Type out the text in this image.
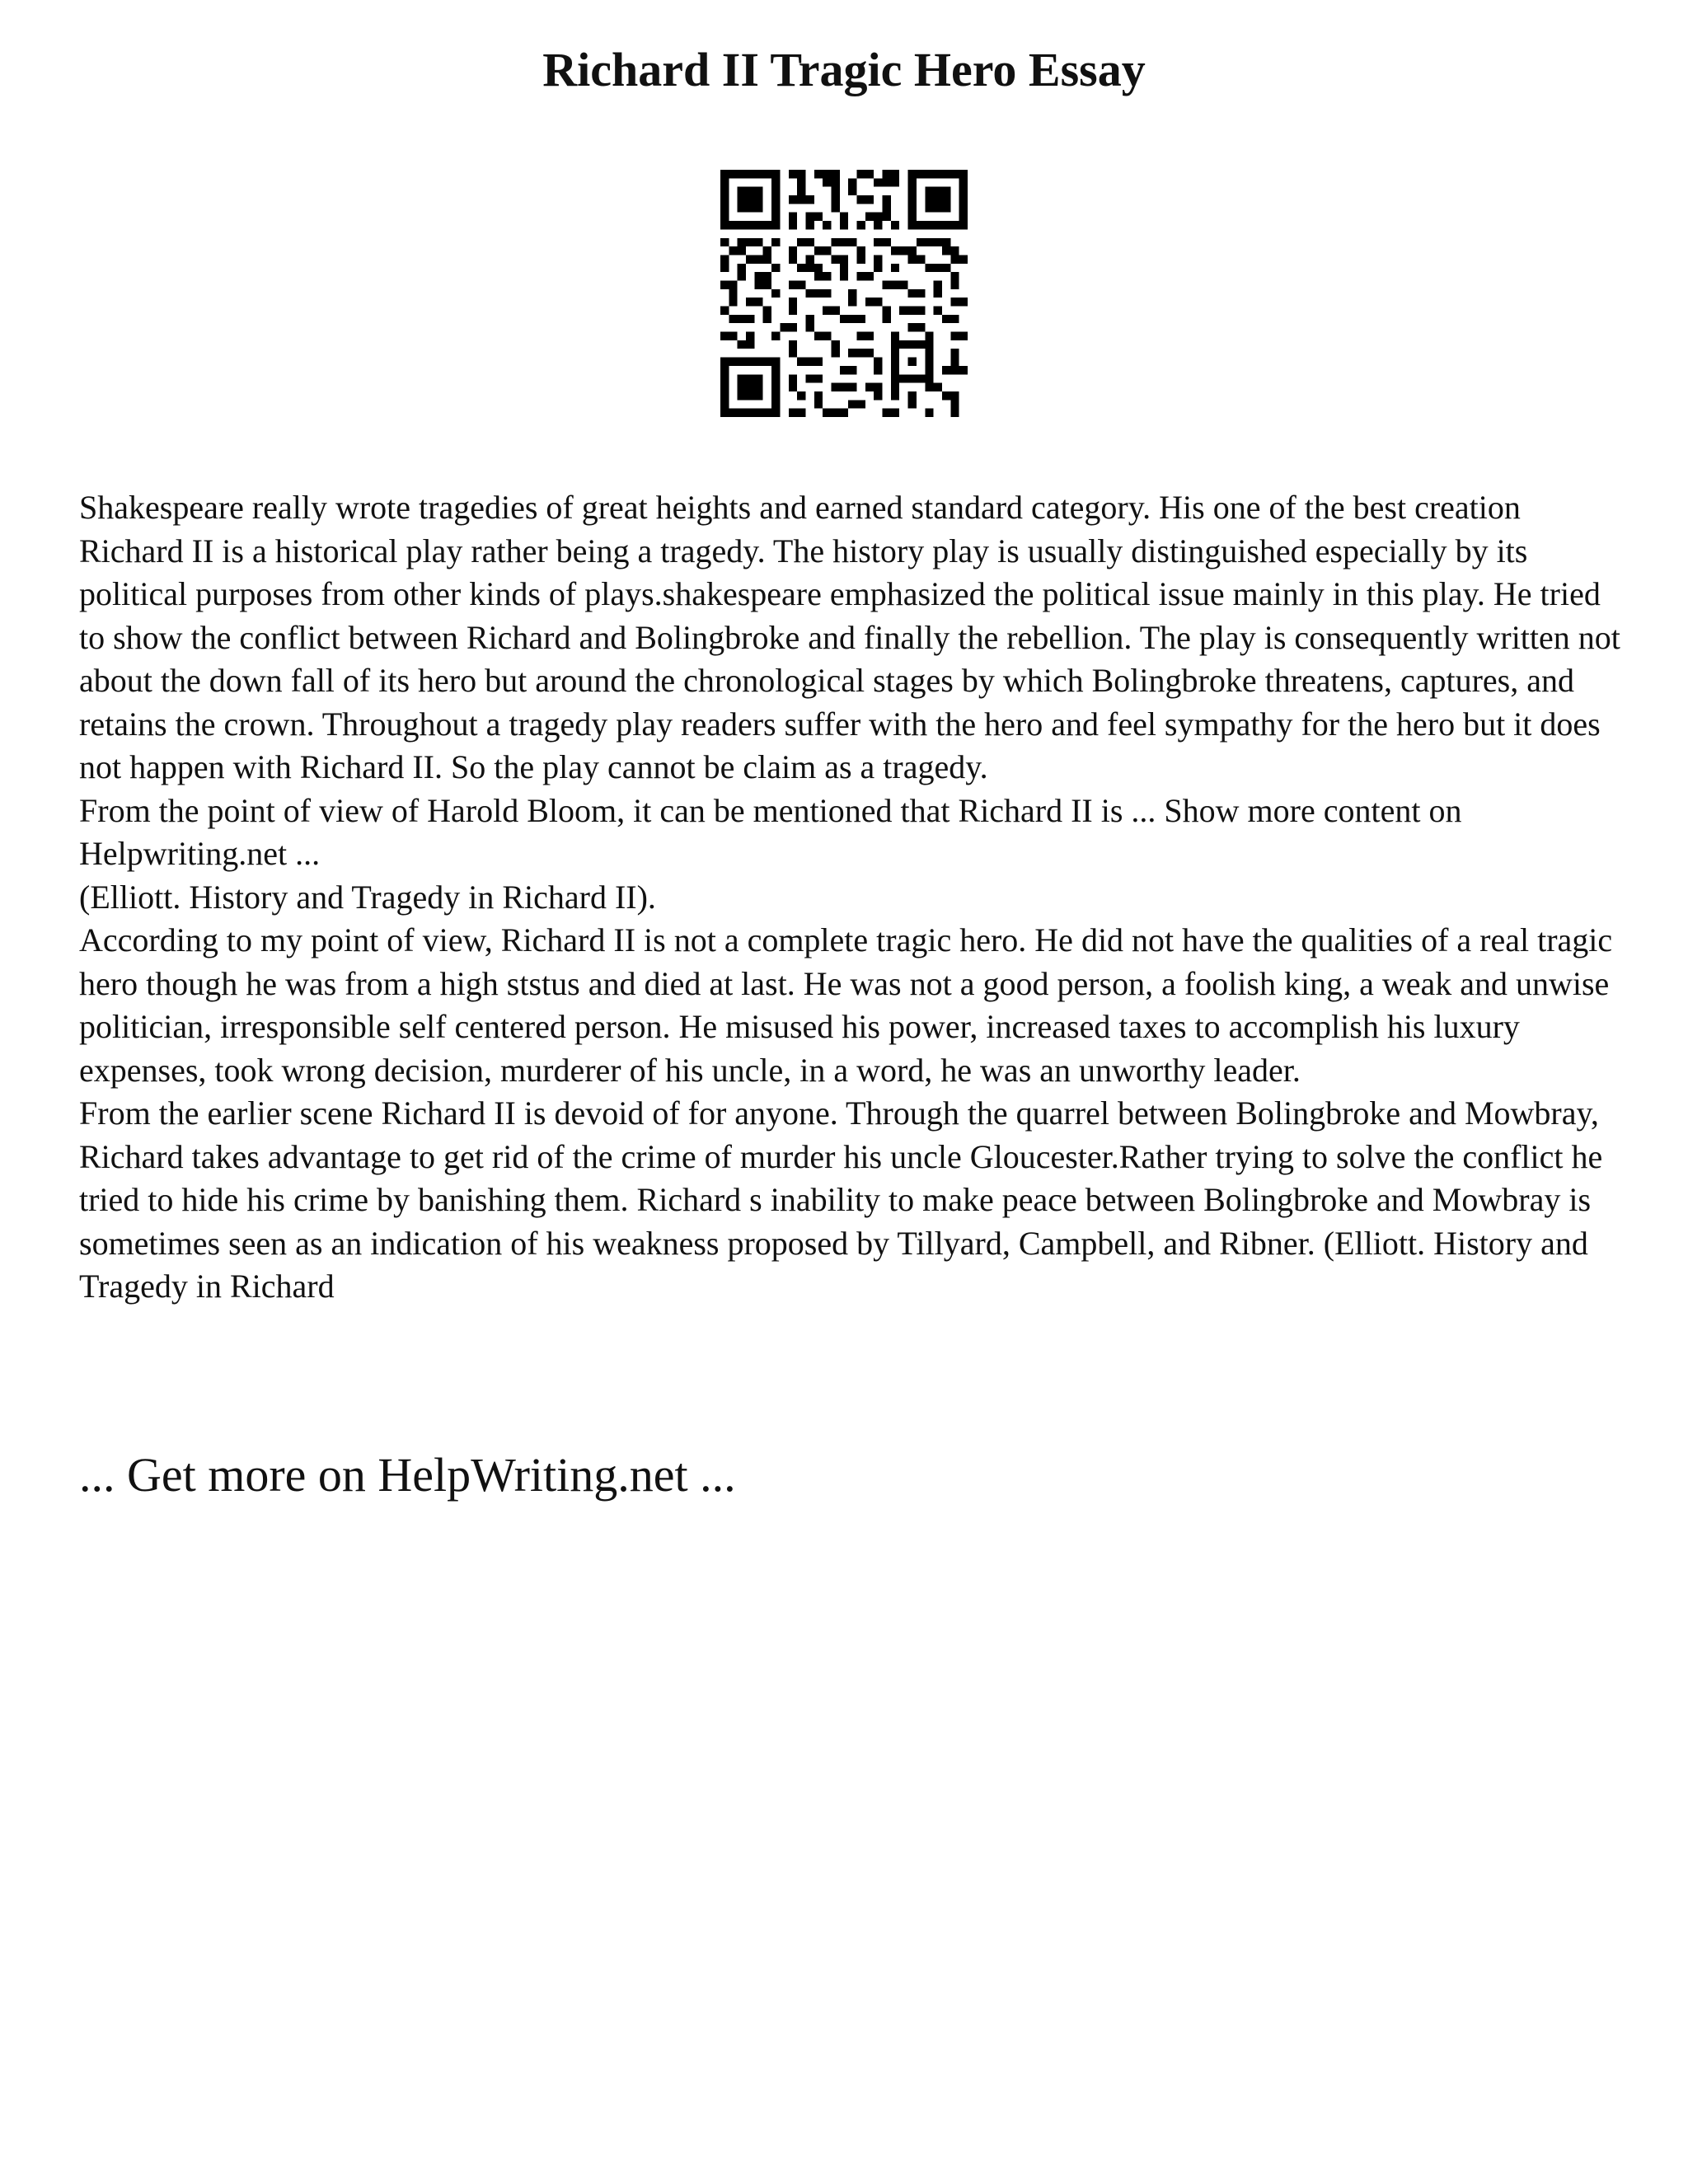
Richard II Tragic Hero Essay

Shakespeare really wrote tragedies of great heights and earned standard category. His one of the best creation Richard II is a historical play rather being a tragedy. The history play is usually distinguished especially by its political purposes from other kinds of plays.shakespeare emphasized the political issue mainly in this play. He tried to show the conflict between Richard and Bolingbroke and finally the rebellion. The play is consequently written not about the down fall of its hero but around the chronological stages by which Bolingbroke threatens, captures, and retains the crown. Throughout a tragedy play readers suffer with the hero and feel sympathy for the hero but it does not happen with Richard II. So the play cannot be claim as a tragedy.

From the point of view of Harold Bloom, it can be mentioned that Richard II is ... Show more content on Helpwriting.net ...

(Elliott. History and Tragedy in Richard II).

According to my point of view, Richard II is not a complete tragic hero. He did not have the qualities of a real tragic hero though he was from a high ststus and died at last. He was not a good person, a foolish king, a weak and unwise politician, irresponsible self centered person. He misused his power, increased taxes to accomplish his luxury expenses, took wrong decision, murderer of his uncle, in a word, he was an unworthy leader.

From the earlier scene Richard II is devoid of for anyone. Through the quarrel between Bolingbroke and Mowbray, Richard takes advantage to get rid of the crime of murder his uncle Gloucester.Rather trying to solve the conflict he tried to hide his crime by banishing them. Richard s inability to make peace between Bolingbroke and Mowbray is sometimes seen as an indication of his weakness proposed by Tillyard, Campbell, and Ribner. (Elliott. History and Tragedy in Richard

... Get more on HelpWriting.net ...
